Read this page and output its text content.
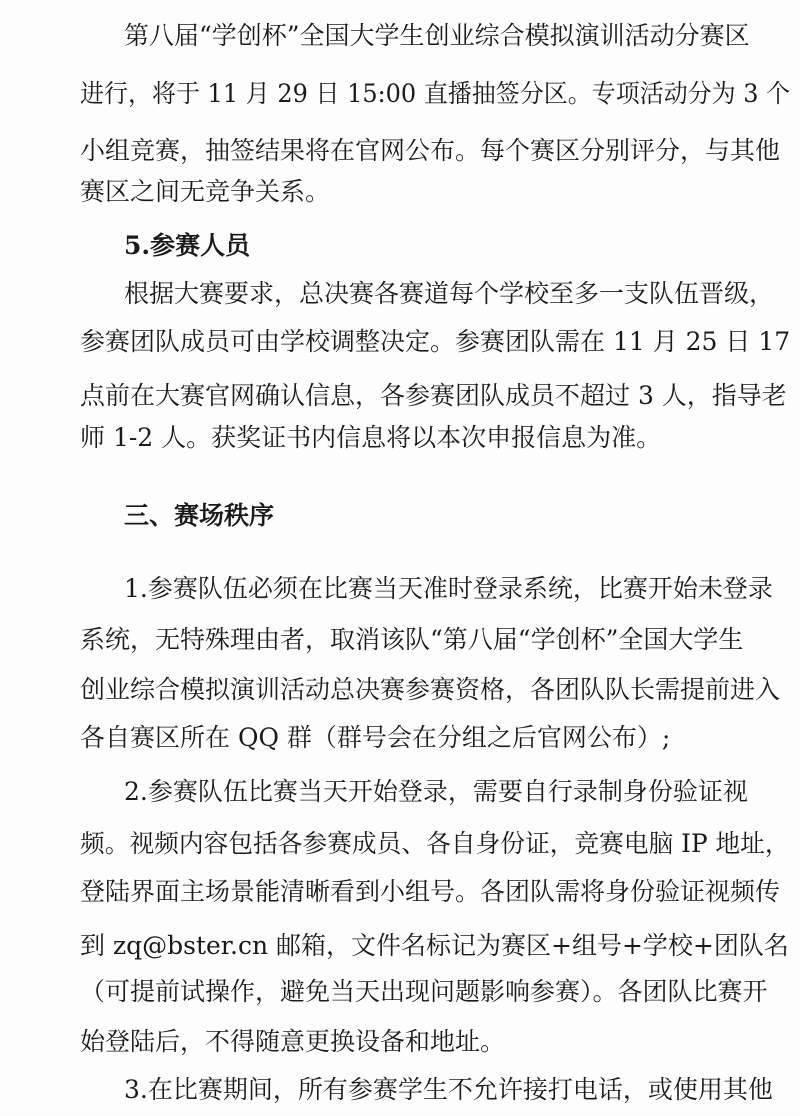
第八届“学创杯”全国大学生创业综合模拟演训活动分赛区

进行，将于 11 月 29 日 15:00 直播抽签分区。专项活动分为 3 个

小组竞赛，抽签结果将在官网公布。每个赛区分别评分，与其他

赛区之间无竞争关系。

5.参赛人员

根据大赛要求，总决赛各赛道每个学校至多一支队伍晋级，

参赛团队成员可由学校调整决定。参赛团队需在 11 月 25 日 17

点前在大赛官网确认信息，各参赛团队成员不超过 3 人，指导老

师 1-2 人。获奖证书内信息将以本次申报信息为准。

三、赛场秩序

1.参赛队伍必须在比赛当天准时登录系统，比赛开始未登录

系统，无特殊理由者，取消该队“第八届“学创杯”全国大学生

创业综合模拟演训活动总决赛参赛资格，各团队队长需提前进入

各自赛区所在 QQ 群（群号会在分组之后官网公布）;

2.参赛队伍比赛当天开始登录，需要自行录制身份验证视

频。视频内容包括各参赛成员、各自身份证，竞赛电脑 IP 地址，

登陆界面主场景能清晰看到小组号。各团队需将身份验证视频传

到 zq@bster.cn 邮箱，文件名标记为赛区+组号+学校+团队名

（可提前试操作，避免当天出现问题影响参赛）。各团队比赛开

始登陆后，不得随意更换设备和地址。

3.在比赛期间，所有参赛学生不允许接打电话，或使用其他
